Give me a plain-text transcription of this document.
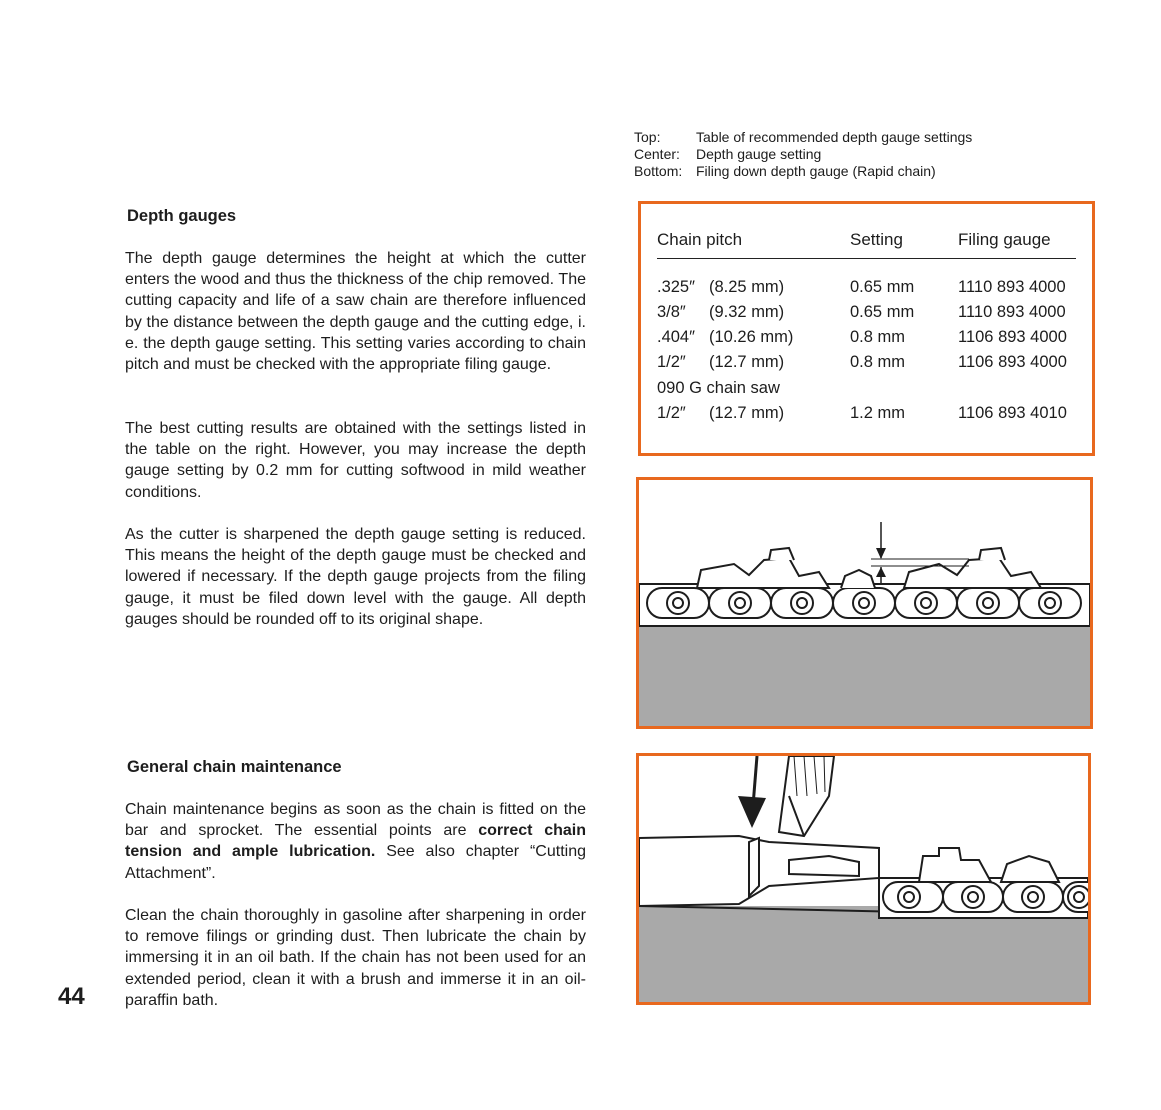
Depth gauges

The depth gauge determines the height at which the cutter enters the wood and thus the thickness of the chip removed. The cutting capacity and life of a saw chain are therefore influenced by the distance between the depth gauge and the cutting edge, i. e. the depth gauge setting. This setting varies according to chain pitch and must be checked with the appropriate filing gauge.

The best cutting results are obtained with the settings listed in the table on the right. However, you may increase the depth gauge setting by 0.2 mm for cutting softwood in mild weather conditions.

As the cutter is sharpened the depth gauge setting is reduced. This means the height of the depth gauge must be checked and lowered if necessary. If the depth gauge projects from the filing gauge, it must be filed down level with the gauge. All depth gauges should be rounded off to its original shape.

General chain maintenance

Chain maintenance begins as soon as the chain is fitted on the bar and sprocket. The essential points are correct chain tension and ample lubrication. See also chapter “Cutting Attachment”.

Clean the chain thoroughly in gasoline after sharpening in order to remove filings or grinding dust. Then lubricate the chain by immersing it in an oil bath. If the chain has not been used for an extended period, clean it with a brush and immerse it in an oil-paraffin bath.

44
Top:	Table of recommended depth gauge settings
Center:	Depth gauge setting
Bottom: Filing down depth gauge (Rapid chain)
Chain pitch	Setting	Filing gauge
.325″ (8.25 mm)	0.65 mm	1110 893 4000
3/8″ (9.32 mm)	0.65 mm	1110 893 4000
.404″ (10.26 mm)	0.8 mm	1106 893 4000
1/2″ (12.7 mm)	0.8 mm	1106 893 4000
090 G chain saw
1/2″ (12.7 mm)	1.2 mm	1106 893 4010
